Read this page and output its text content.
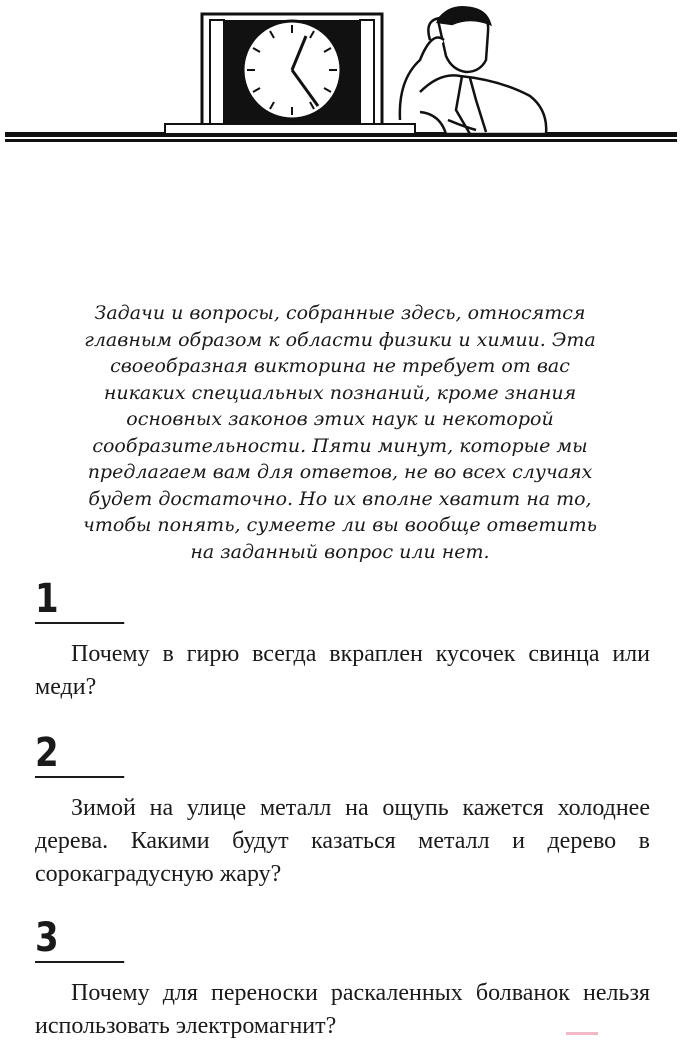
Задачи и вопросы, собранные здесь, относятся главным образом к области физики и химии. Эта своеобразная викторина не требует от вас никаких специальных познаний, кроме знания основных законов этих наук и некоторой сообразительности. Пяти минут, которые мы предлагаем вам для ответов, не во всех случаях будет достаточно. Но их вполне хватит на то, чтобы понять, сумеете ли вы вообще ответить на заданный вопрос или нет.

1

Почему в гирю всегда вкраплен кусочек свинца или меди?

2

Зимой на улице металл на ощупь кажется холоднее дерева. Какими будут казаться металл и дерево в сорокаградусную жару?

3

Почему для переноски раскаленных болванок нельзя использовать электромагнит?
